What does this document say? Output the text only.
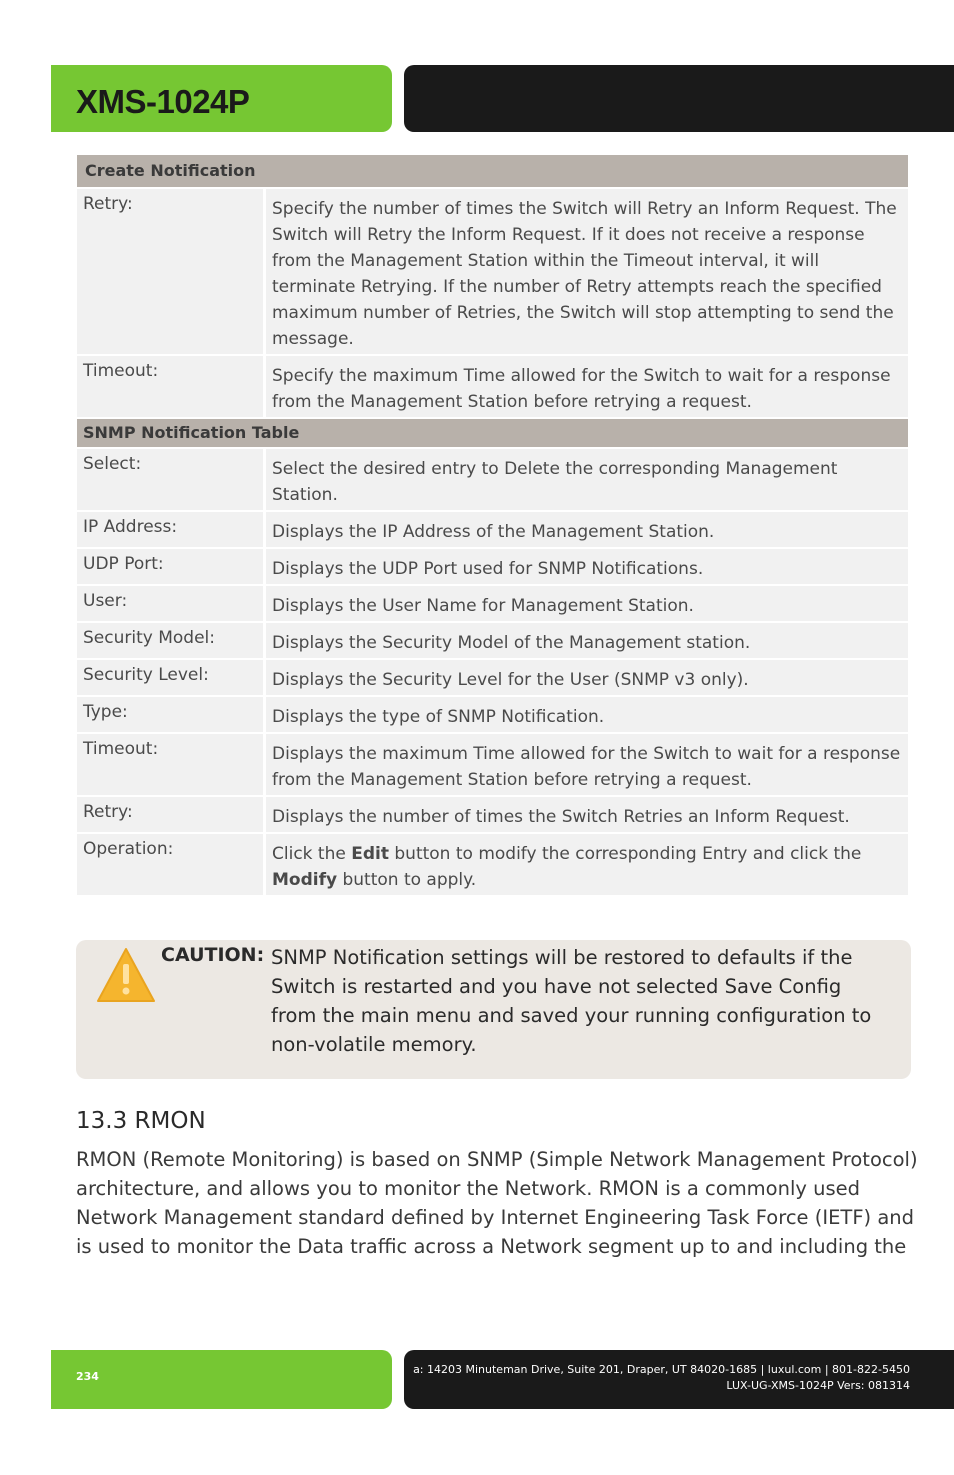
XMS-1024P
Create Notification	
Retry:	Specify the number of times the Switch will Retry an Inform Request. The Switch will Retry the Inform Request. If it does not receive a response from the Management Station within the Timeout interval, it will terminate Retrying. If the number of Retry attempts reach the specified maximum number of Retries, the Switch will stop attempting to send the message.
Timeout:	Specify the maximum Time allowed for the Switch to wait for a response from the Management Station before retrying a request.
SNMP Notification Table	
Select:	Select the desired entry to Delete the corresponding Management Station.
IP Address:	Displays the IP Address of the Management Station.
UDP Port:	Displays the UDP Port used for SNMP Notifications.
User:	Displays the User Name for Management Station.
Security Model:	Displays the Security Model of the Management station.
Security Level:	Displays the Security Level for the User (SNMP v3 only).
Type:	Displays the type of SNMP Notification.
Timeout:	Displays the maximum Time allowed for the Switch to wait for a response from the Management Station before retrying a request.
Retry:	Displays the number of times the Switch Retries an Inform Request.
Operation:	Click the Edit button to modify the corresponding Entry and click the Modify button to apply.
CAUTION: SNMP Notification settings will be restored to defaults if the Switch is restarted and you have not selected Save Config from the main menu and saved your running configuration to non-volatile memory.
13.3 RMON
RMON (Remote Monitoring) is based on SNMP (Simple Network Management Protocol) architecture, and allows you to monitor the Network. RMON is a commonly used Network Management standard defined by Internet Engineering Task Force (IETF) and is used to monitor the Data traffic across a Network segment up to and including the
234
a: 14203 Minuteman Drive, Suite 201, Draper, UT 84020-1685 | luxul.com | 801-822-5450
LUX-UG-XMS-1024P Vers: 081314
